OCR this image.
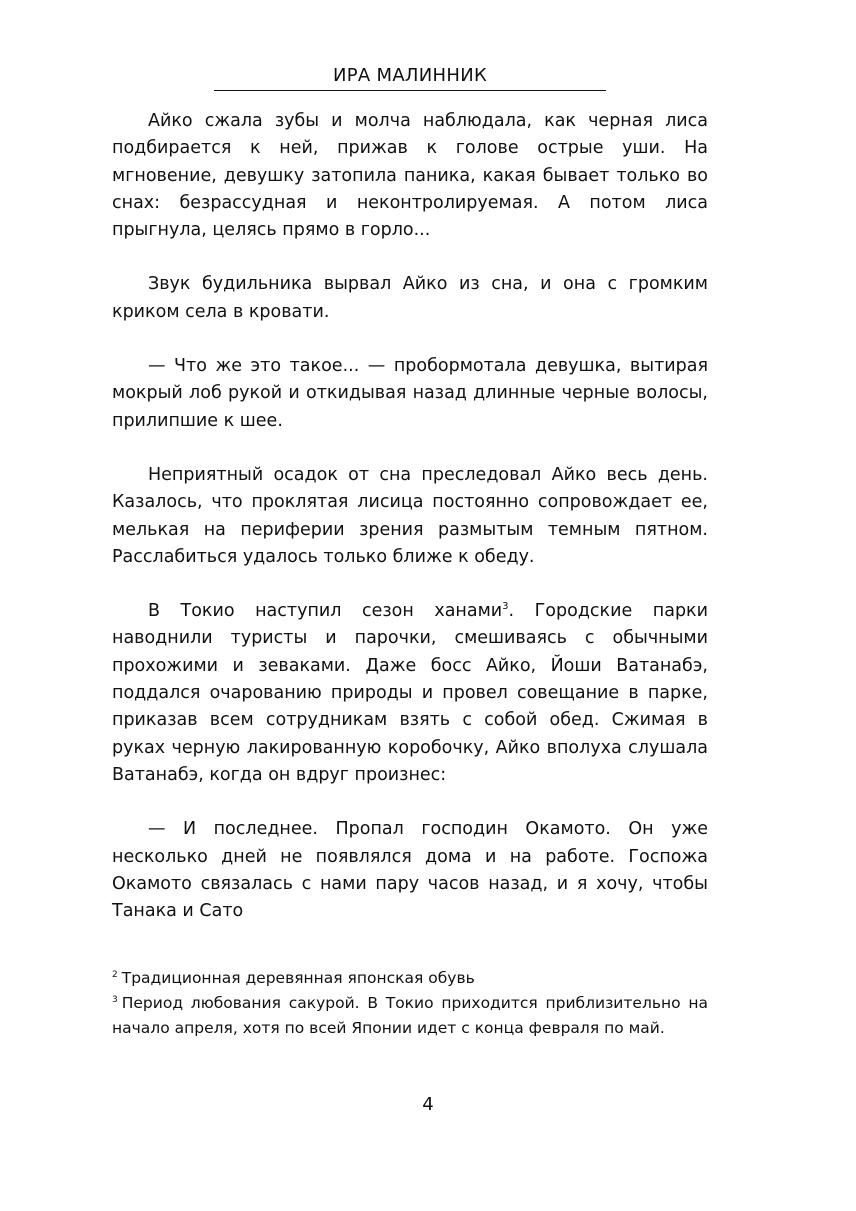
ИРА МАЛИННИК

Айко сжала зубы и молча наблюдала, как черная лиса подбирается к ней, прижав к голове острые уши. На мгновение, девушку затопила паника, какая бывает только во снах: безрассудная и неконтролируемая. А потом лиса прыгнула, целясь прямо в горло...

Звук будильника вырвал Айко из сна, и она с громким криком села в кровати.

— Что же это такое... — пробормотала девушка, вытирая мокрый лоб рукой и откидывая назад длинные черные волосы, прилипшие к шее.

Неприятный осадок от сна преследовал Айко весь день. Казалось, что проклятая лисица постоянно сопровождает ее, мелькая на периферии зрения размытым темным пятном. Расслабиться удалось только ближе к обеду.

В Токио наступил сезон ханами$^3$. Городские парки наводнили туристы и парочки, смешиваясь с обычными прохожими и зеваками. Даже босс Айко, Йоши Ватанабэ, поддался очарованию природы и провел совещание в парке, приказав всем сотрудникам взять с собой обед. Сжимая в руках черную лакированную коробочку, Айко вполуха слушала Ватанабэ, когда он вдруг произнес:

— И последнее. Пропал господин Окамото. Он уже несколько дней не появлялся дома и на работе. Госпожа Окамото связалась с нами пару часов назад, и я хочу, чтобы Танака и Сато

$^2$ Традиционная деревянная японская обувь

$^3$ Период любования сакурой. В Токио приходится приблизительно на начало апреля, хотя по всей Японии идет с конца февраля по май.

4
